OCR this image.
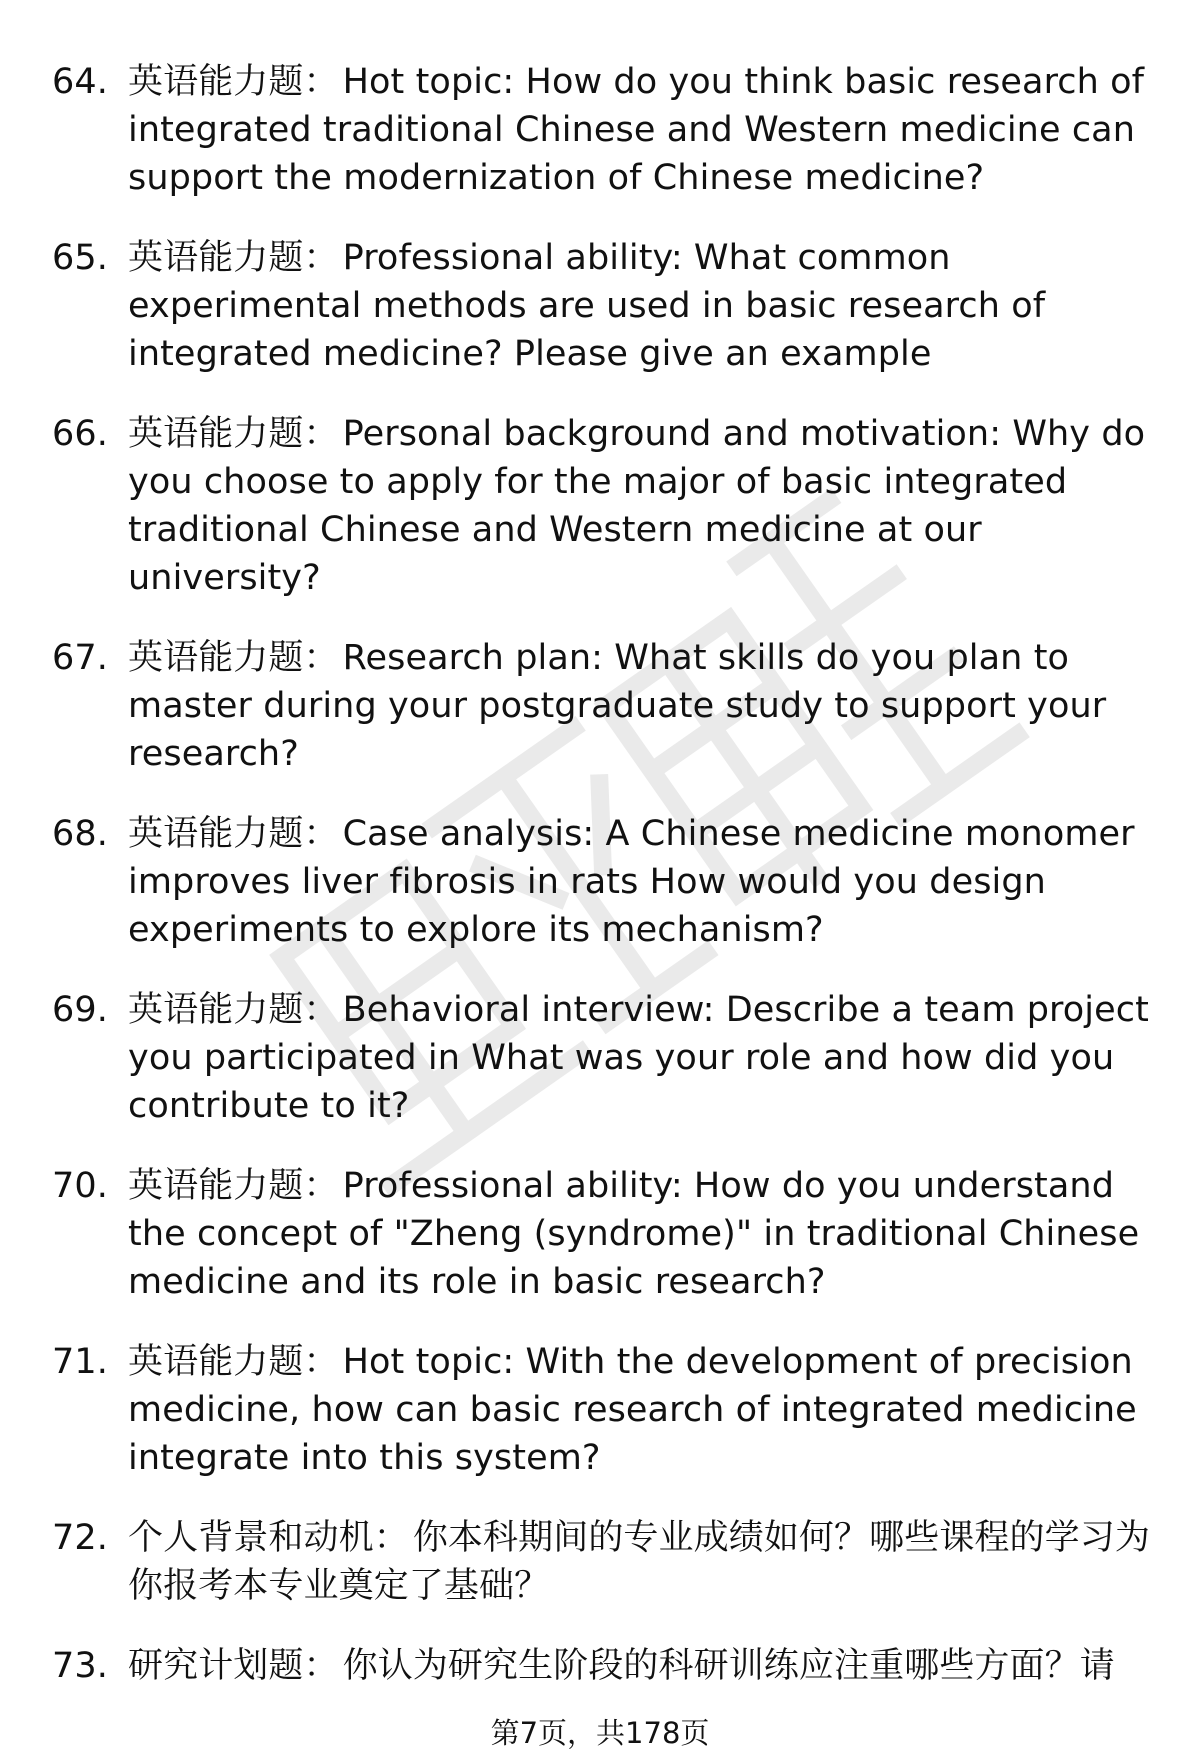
64. 英语能力题： Hot topic: How do you think basic research of integrated traditional Chinese and Western medicine can support the modernization of Chinese medicine?
65. 英语能力题： Professional ability: What common experimental methods are used in basic research of integrated medicine? Please give an example
66. 英语能力题： Personal background and motivation: Why do you choose to apply for the major of basic integrated traditional Chinese and Western medicine at our university?
67. 英语能力题： Research plan: What skills do you plan to master during your postgraduate study to support your research?
68. 英语能力题： Case analysis: A Chinese medicine monomer improves liver fibrosis in rats How would you design experiments to explore its mechanism?
69. 英语能力题： Behavioral interview: Describe a team project you participated in What was your role and how did you contribute to it?
70. 英语能力题： Professional ability: How do you understand the concept of "Zheng (syndrome)" in traditional Chinese medicine and its role in basic research?
71. 英语能力题： Hot topic: With the development of precision medicine, how can basic research of integrated medicine integrate into this system?
72. 个人背景和动机： 你本科期间的专业成绩如何？哪些课程的学习为你报考本专业奠定了基础？
73. 研究计划题： 你认为研究生阶段的科研训练应注重哪些方面？请
第7页，共178页
